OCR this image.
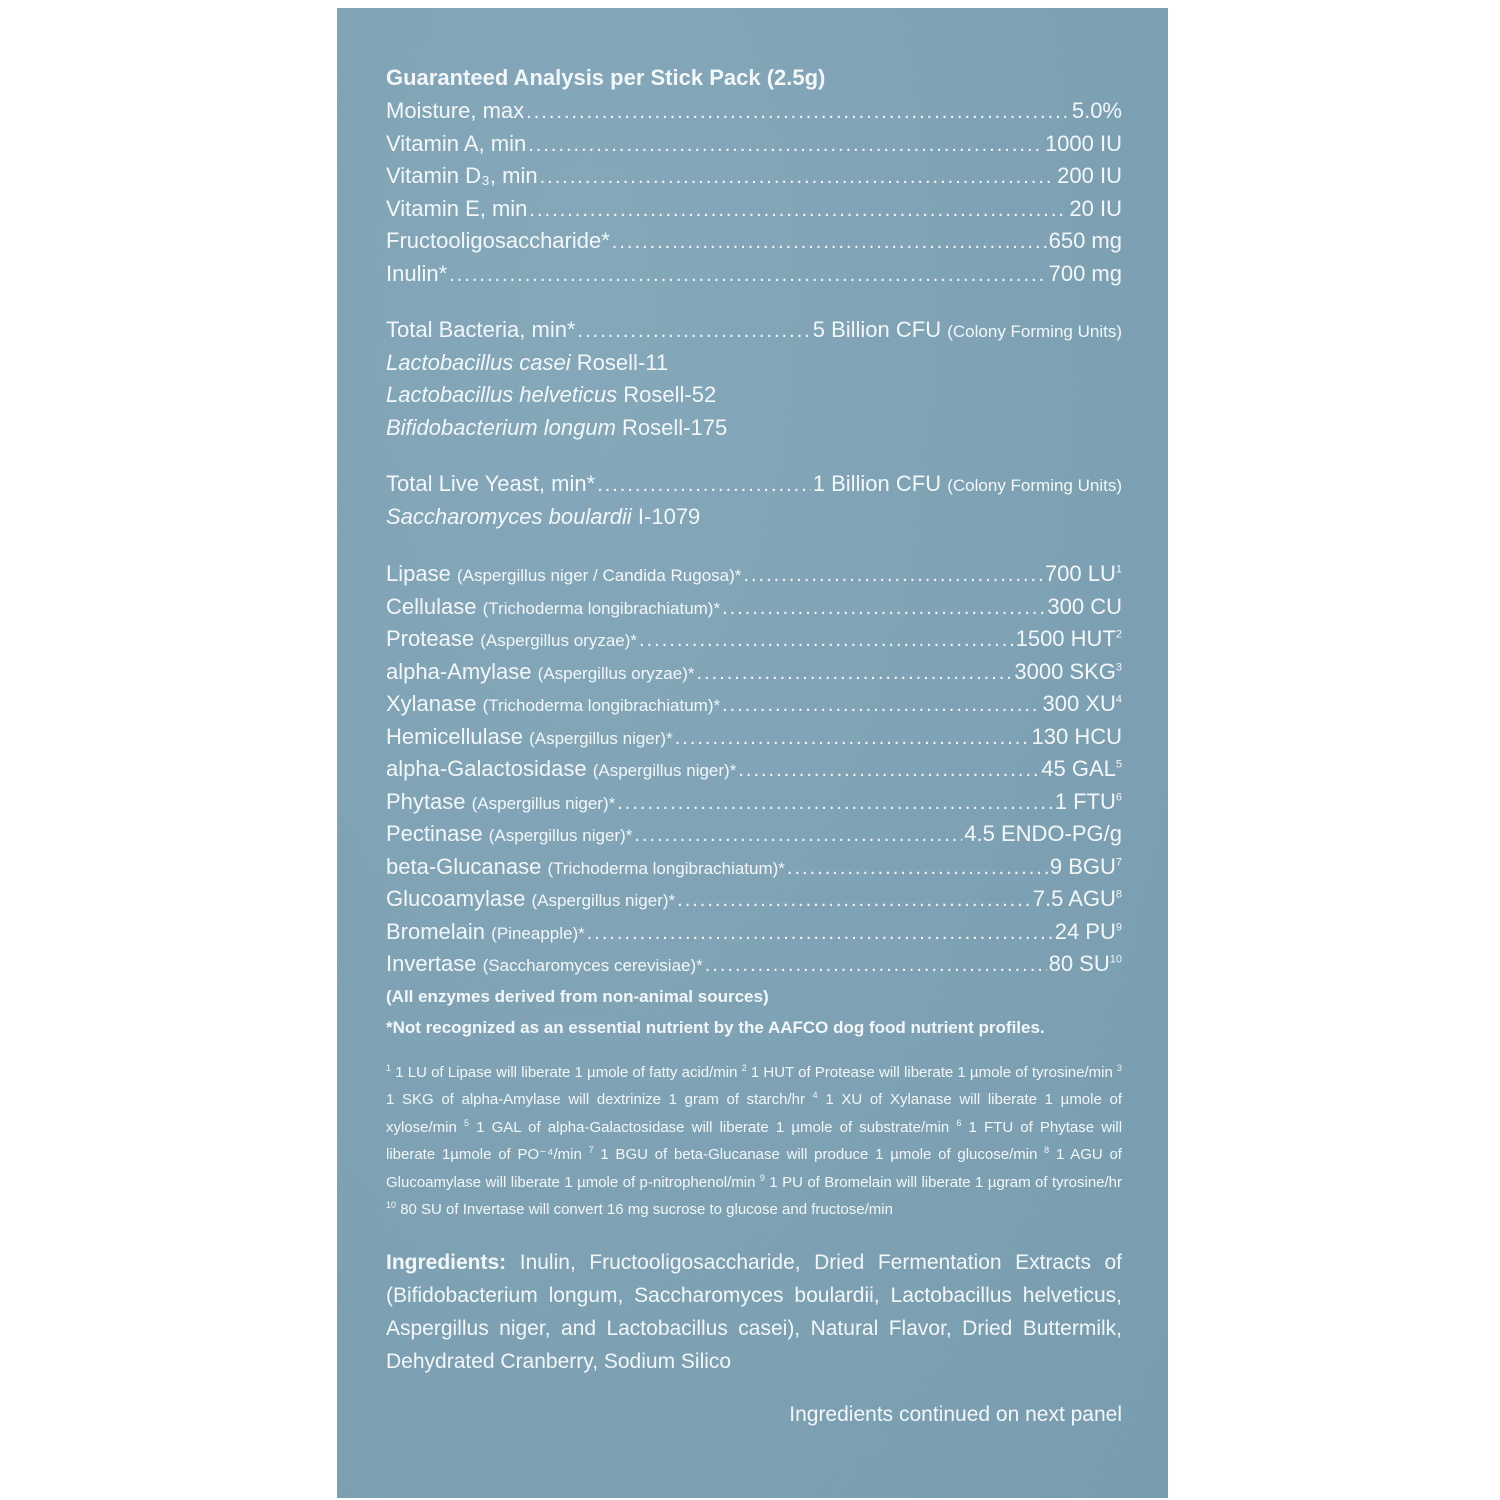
Guaranteed Analysis per Stick Pack (2.5g)
Moisture, max .....	5.0%
Vitamin A, min .....	1000 IU
Vitamin D₃, min .....	200 IU
Vitamin E, min .....	20 IU
Fructooligosaccharide* .....	650 mg
Inulin* .....	700 mg
Total Bacteria, min* .....	5 Billion CFU (Colony Forming Units)
Lactobacillus casei Rosell-11
Lactobacillus helveticus Rosell-52
Bifidobacterium longum Rosell-175
Total Live Yeast, min* .....	1 Billion CFU (Colony Forming Units)
Saccharomyces boulardii I-1079
Lipase (Aspergillus niger / Candida Rugosa)* .....	700 $LU^1$
Cellulase (Trichoderma longibrachiatum)* .....	300 CU
Protease (Aspergillus oryzae)* .....	1500 HUT$^2$
alpha-Amylase (Aspergillus oryzae)* .....	3000 SKG$^3$
Xylanase (Trichoderma longibrachiatum)* .....	300 $XU^4$
Hemicellulase (Aspergillus niger)* .....	130 HCU
alpha-Galactosidase (Aspergillus niger)* .....	45 GAL$^5$
Phytase (Aspergillus niger)* .....	1 FTU$^6$
Pectinase (Aspergillus niger)* .....	4.5 ENDO-PG/g
beta-Glucanase (Trichoderma longibrachiatum)* .....	9 BGU$^7$
Glucoamylase (Aspergillus niger)* .....	7.5 AGU$^8$
Bromelain (Pineapple)* .....	24 $PU^9$
Invertase (Saccharomyces cerevisiae)* .....	80 SU$^{10}$
(All enzymes derived from non-animal sources)
*Not recognized as an essential nutrient by the AAFCO dog food nutrient profiles.
$^1$ 1 LU of Lipase will liberate 1 µmole of fatty acid/min $^2$ 1 HUT of Protease will liberate 1 µmole of tyrosine/min $^3$ 1 SKG of alpha-Amylase will dextrinize 1 gram of starch/hr $^4$ 1 XU of Xylanase will liberate 1 µmole of xylose/min $^5$ 1 GAL of alpha-Galactosidase will liberate 1 µmole of substrate/min $^6$ 1 FTU of Phytase will liberate 1µmole of PO⁻⁴/min $^7$ 1 BGU of beta-Glucanase will produce 1 µmole of glucose/min $^8$ 1 AGU of Glucoamylase will liberate 1 µmole of p-nitrophenol/min $^9$ 1 PU of Bromelain will liberate 1 µgram of tyrosine/hr $^{10}$ 80 SU of Invertase will convert 16 mg sucrose to glucose and fructose/min
Ingredients: Inulin, Fructooligosaccharide, Dried Fermentation Extracts of (Bifidobacterium longum, Saccharomyces boulardii, Lactobacillus helveticus, Aspergillus niger, and Lactobacillus casei), Natural Flavor, Dried Buttermilk, Dehydrated Cranberry, Sodium Silico
Ingredients continued on next panel
